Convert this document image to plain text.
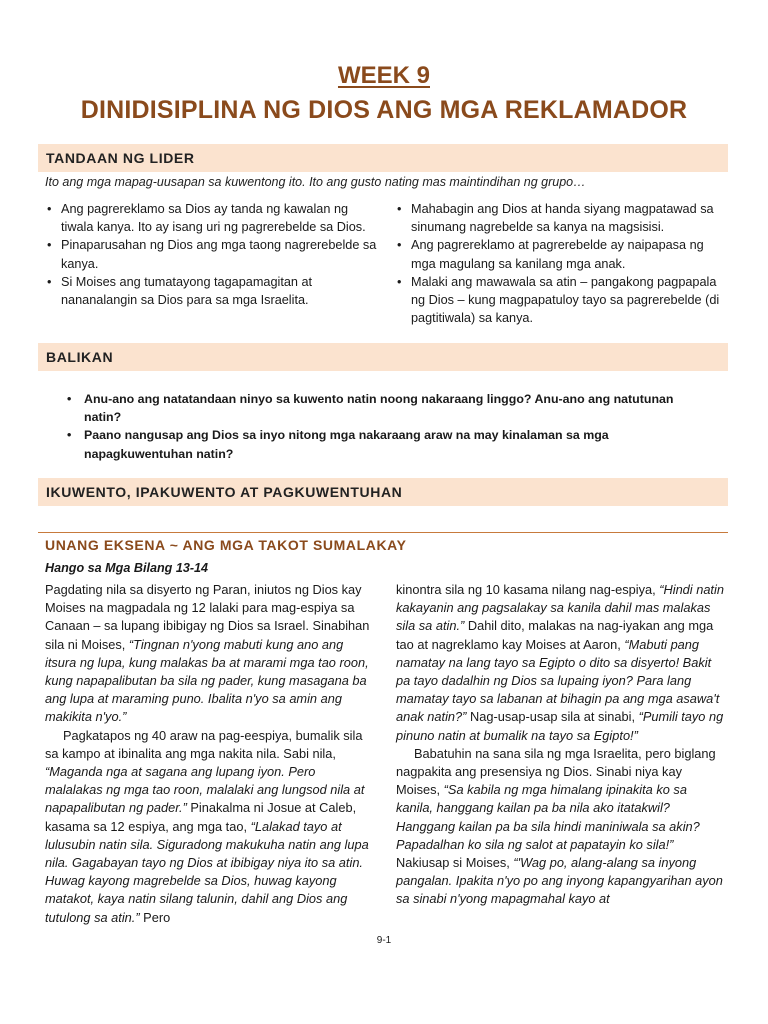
WEEK 9
DINIDISIPLINA NG DIOS ANG MGA REKLAMADOR
TANDAAN NG LIDER
Ito ang mga mapag-uusapan sa kuwentong ito. Ito ang gusto nating mas maintindihan ng grupo…
• Ang pagrereklamo sa Dios ay tanda ng kawalan ng tiwala kanya. Ito ay isang uri ng pagrerebelde sa Dios.
• Pinaparusahan ng Dios ang mga taong nagrerebelde sa kanya.
• Si Moises ang tumatayong tagapamagitan at nananalangin sa Dios para sa mga Israelita.
• Mahabagin ang Dios at handa siyang magpatawad sa sinumang nagrebelde sa kanya na magsisisi.
• Ang pagrereklamo at pagrerebelde ay naipapasa ng mga magulang sa kanilang mga anak.
• Malaki ang mawawala sa atin – pangakong pagpapala ng Dios – kung magpapatuloy tayo sa pagrerebelde (di pagtitiwala) sa kanya.
BALIKAN
• Anu-ano ang natatandaan ninyo sa kuwento natin noong nakaraang linggo? Anu-ano ang natutunan natin?
• Paano nangusap ang Dios sa inyo nitong mga nakaraang araw na may kinalaman sa mga napagkuwentuhan natin?
IKUWENTO, IPAKUWENTO AT PAGKUWENTUHAN
UNANG EKSENA ~ ANG MGA TAKOT SUMALAKAY
Hango sa Mga Bilang 13-14

Pagdating nila sa disyerto ng Paran, iniutos ng Dios kay Moises na magpadala ng 12 lalaki para mag-espiya sa Canaan – sa lupang ibibigay ng Dios sa Israel. Sinabihan sila ni Moises, “Tingnan n'yong mabuti kung ano ang itsura ng lupa, kung malakas ba at marami mga tao roon, kung napapalibutan ba sila ng pader, kung masagana ba ang lupa at maraming puno. Ibalita n'yo sa amin ang makikita n'yo.”

Pagkatapos ng 40 araw na pag-eespiya, bumalik sila sa kampo at ibinalita ang mga nakita nila. Sabi nila, “Maganda nga at sagana ang lupang iyon. Pero malalakas ng mga tao roon, malalaki ang lungsod nila at napapalibutan ng pader.” Pinakalma ni Josue at Caleb, kasama sa 12 espiya, ang mga tao, “Lalakad tayo at lulusubin natin sila. Siguradong makukuha natin ang lupa nila. Gagabayan tayo ng Dios at ibibigay niya ito sa atin. Huwag kayong magrebelde sa Dios, huwag kayong matakot, kaya natin silang talunin, dahil ang Dios ang tutulong sa atin.” Pero

kinontra sila ng 10 kasama nilang nag-espiya, “Hindi natin kakayanin ang pagsalakay sa kanila dahil mas malakas sila sa atin.” Dahil dito, malakas na nag-iyakan ang mga tao at nagreklamo kay Moises at Aaron, “Mabuti pang namatay na lang tayo sa Egipto o dito sa disyerto! Bakit pa tayo dadalhin ng Dios sa lupaing iyon? Para lang mamatay tayo sa labanan at bihagin pa ang mga asawa't anak natin?” Nag-usap-usap sila at sinabi, “Pumili tayo ng pinuno natin at bumalik na tayo sa Egipto!”

Babatuhin na sana sila ng mga Israelita, pero biglang nagpakita ang presensiya ng Dios. Sinabi niya kay Moises, “Sa kabila ng mga himalang ipinakita ko sa kanila, hanggang kailan pa ba nila ako itatakwil? Hanggang kailan pa ba sila hindi maniniwala sa akin? Papadalhan ko sila ng salot at papatayin ko sila!” Nakiusap si Moises, “'Wag po, alang-alang sa inyong pangalan. Ipakita n'yo po ang inyong kapangyarihan ayon sa sinabi n'yong mapagmahal kayo at

9-1
